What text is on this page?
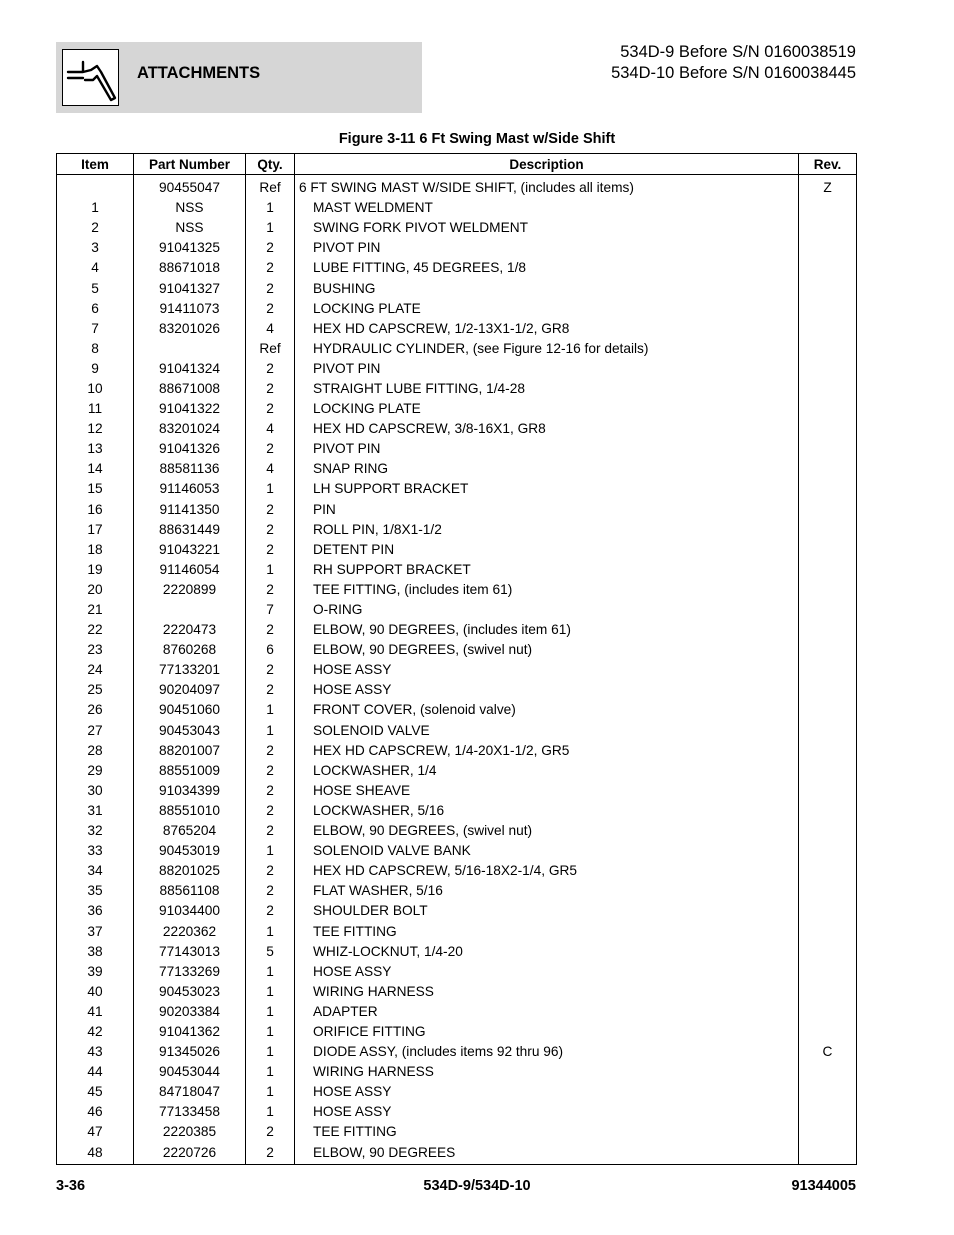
ATTACHMENTS
534D-9 Before S/N 0160038519
534D-10 Before S/N 0160038445
Figure 3-11 6 Ft Swing Mast w/Side Shift
Item	Part Number	Qty.	Description	Rev.
	90455047	Ref	6 FT SWING MAST W/SIDE SHIFT, (includes all items)	Z
1	NSS	1	MAST WELDMENT	
2	NSS	1	SWING FORK PIVOT WELDMENT	
3	91041325	2	PIVOT PIN	
4	88671018	2	LUBE FITTING, 45 DEGREES, 1/8	
5	91041327	2	BUSHING	
6	91411073	2	LOCKING PLATE	
7	83201026	4	HEX HD CAPSCREW, 1/2-13X1-1/2, GR8	
8		Ref	HYDRAULIC CYLINDER, (see Figure 12-16 for details)	
9	91041324	2	PIVOT PIN	
10	88671008	2	STRAIGHT LUBE FITTING, 1/4-28	
11	91041322	2	LOCKING PLATE	
12	83201024	4	HEX HD CAPSCREW, 3/8-16X1, GR8	
13	91041326	2	PIVOT PIN	
14	88581136	4	SNAP RING	
15	91146053	1	LH SUPPORT BRACKET	
16	91141350	2	PIN	
17	88631449	2	ROLL PIN, 1/8X1-1/2	
18	91043221	2	DETENT PIN	
19	91146054	1	RH SUPPORT BRACKET	
20	2220899	2	TEE FITTING, (includes item 61)	
21		7	O-RING	
22	2220473	2	ELBOW, 90 DEGREES, (includes item 61)	
23	8760268	6	ELBOW, 90 DEGREES, (swivel nut)	
24	77133201	2	HOSE ASSY	
25	90204097	2	HOSE ASSY	
26	90451060	1	FRONT COVER, (solenoid valve)	
27	90453043	1	SOLENOID VALVE	
28	88201007	2	HEX HD CAPSCREW, 1/4-20X1-1/2, GR5	
29	88551009	2	LOCKWASHER, 1/4	
30	91034399	2	HOSE SHEAVE	
31	88551010	2	LOCKWASHER, 5/16	
32	8765204	2	ELBOW, 90 DEGREES, (swivel nut)	
33	90453019	1	SOLENOID VALVE BANK	
34	88201025	2	HEX HD CAPSCREW, 5/16-18X2-1/4, GR5	
35	88561108	2	FLAT WASHER, 5/16	
36	91034400	2	SHOULDER BOLT	
37	2220362	1	TEE FITTING	
38	77143013	5	WHIZ-LOCKNUT, 1/4-20	
39	77133269	1	HOSE ASSY	
40	90453023	1	WIRING HARNESS	
41	90203384	1	ADAPTER	
42	91041362	1	ORIFICE FITTING	
43	91345026	1	DIODE ASSY, (includes items 92 thru 96)	C
44	90453044	1	WIRING HARNESS	
45	84718047	1	HOSE ASSY	
46	77133458	1	HOSE ASSY	
47	2220385	2	TEE FITTING	
48	2220726	2	ELBOW, 90 DEGREES	
3-36	534D-9/534D-10	91344005
